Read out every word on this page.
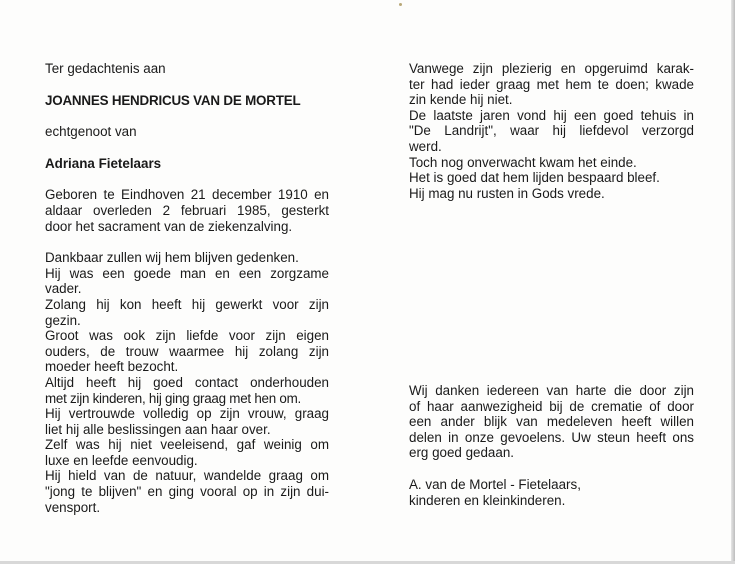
Ter gedachtenis aan
JOANNES HENDRICUS VAN DE MORTEL
echtgenoot van
Adriana Fietelaars
Geboren te Eindhoven 21 december 1910 en
aldaar overleden 2 februari 1985, gesterkt
door het sacrament van de ziekenzalving.
Dankbaar zullen wij hem blijven gedenken.
Hij was een goede man en een zorgzame
vader.
Zolang hij kon heeft hij gewerkt voor zijn
gezin.
Groot was ook zijn liefde voor zijn eigen
ouders, de trouw waarmee hij zolang zijn
moeder heeft bezocht.
Altijd heeft hij goed contact onderhouden
met zijn kinderen, hij ging graag met hen om.
Hij vertrouwde volledig op zijn vrouw, graag
liet hij alle beslissingen aan haar over.
Zelf was hij niet veeleisend, gaf weinig om
luxe en leefde eenvoudig.
Hij hield van de natuur, wandelde graag om
"jong te blijven" en ging vooral op in zijn dui-
vensport.
Vanwege zijn plezierig en opgeruimd karak-
ter had ieder graag met hem te doen; kwade
zin kende hij niet.
De laatste jaren vond hij een goed tehuis in
"De Landrijt", waar hij liefdevol verzorgd
werd.
Toch nog onverwacht kwam het einde.
Het is goed dat hem lijden bespaard bleef.
Hij mag nu rusten in Gods vrede.
Wij danken iedereen van harte die door zijn
of haar aanwezigheid bij de crematie of door
een ander blijk van medeleven heeft willen
delen in onze gevoelens. Uw steun heeft ons
erg goed gedaan.
A. van de Mortel - Fietelaars,
kinderen en kleinkinderen.
